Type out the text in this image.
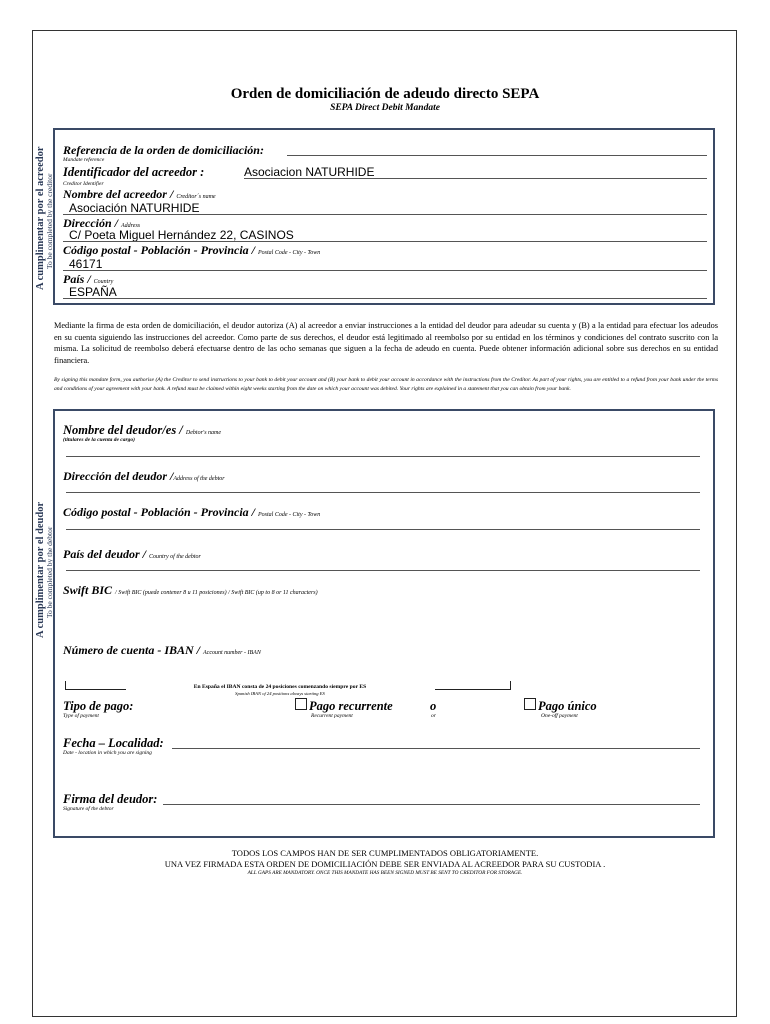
Orden de domiciliación de adeudo directo SEPA
SEPA Direct Debit Mandate
A cumplimentar por el acreedor To be completed by the creditor
Referencia de la orden de domiciliación:
Mandate reference
Identificador del acreedor :	Asociacion NATURHIDE
Creditor Identifier
Nombre del acreedor / Creditor´s name
Asociación NATURHIDE
Dirección / Address
C/ Poeta Miguel Hernández 22, CASINOS
Código postal - Población - Provincia / Postal Code - City - Town
46171
País / Country
ESPAÑA
Mediante la firma de esta orden de domiciliación, el deudor autoriza (A) al acreedor a enviar instrucciones a la entidad del deudor para adeudar su cuenta y (B) a la entidad para efectuar los adeudos en su cuenta siguiendo las instrucciones del acreedor. Como parte de sus derechos, el deudor está legitimado al reembolso por su entidad en los términos y condiciones del contrato suscrito con la misma. La solicitud de reembolso deberá efectuarse dentro de las ocho semanas que siguen a la fecha de adeudo en cuenta. Puede obtener información adicional sobre sus derechos en su entidad financiera.
By signing this mandate form, you authorise (A) the Creditor to send instructions to your bank to debit your account and (B) your bank to debit your account in accordance with the instructions from the Creditor. As part of your rights, you are entitled to a refund from your bank under the terms and conditions of your agreement with your bank. A refund must be claimed within eight weeks starting from the date on which your account was debited. Your rights are explained in a statement that you can obtain from your bank.
A cumplimentar por el deudor To be completed by the debtor
Nombre del deudor/es / Debtor's name
(titulares de la cuenta de cargo)
Dirección del deudor /Address of the debtor
Código postal - Población - Provincia / Postal Code - City - Town
País del deudor / Country of the debtor
Swift BIC / Swift BIC (puede contener 8 u 11 posiciones) / Swift BIC (up to 8 or 11 characters)
Número de cuenta - IBAN / Account number - IBAN
En España el IBAN consta de 24 posiciones comenzando siempre por ES
Spanish IBAN of 24 positions always starting ES
Tipo de pago:
Type of payment
Pago recurrente
Recurrent payment
o
or
Pago único
One-off payment
Fecha – Localidad:
Date - location in which you are signing
Firma del deudor:
Signature of the debtor
TODOS LOS CAMPOS HAN DE SER CUMPLIMENTADOS OBLIGATORIAMENTE.
UNA VEZ FIRMADA ESTA ORDEN DE DOMICILIACIÓN DEBE SER ENVIADA AL ACREEDOR PARA SU CUSTODIA .
ALL GAPS ARE MANDATORY. ONCE THIS MANDATE HAS BEEN SIGNED MUST BE SENT TO CREDITOR FOR STORAGE.
